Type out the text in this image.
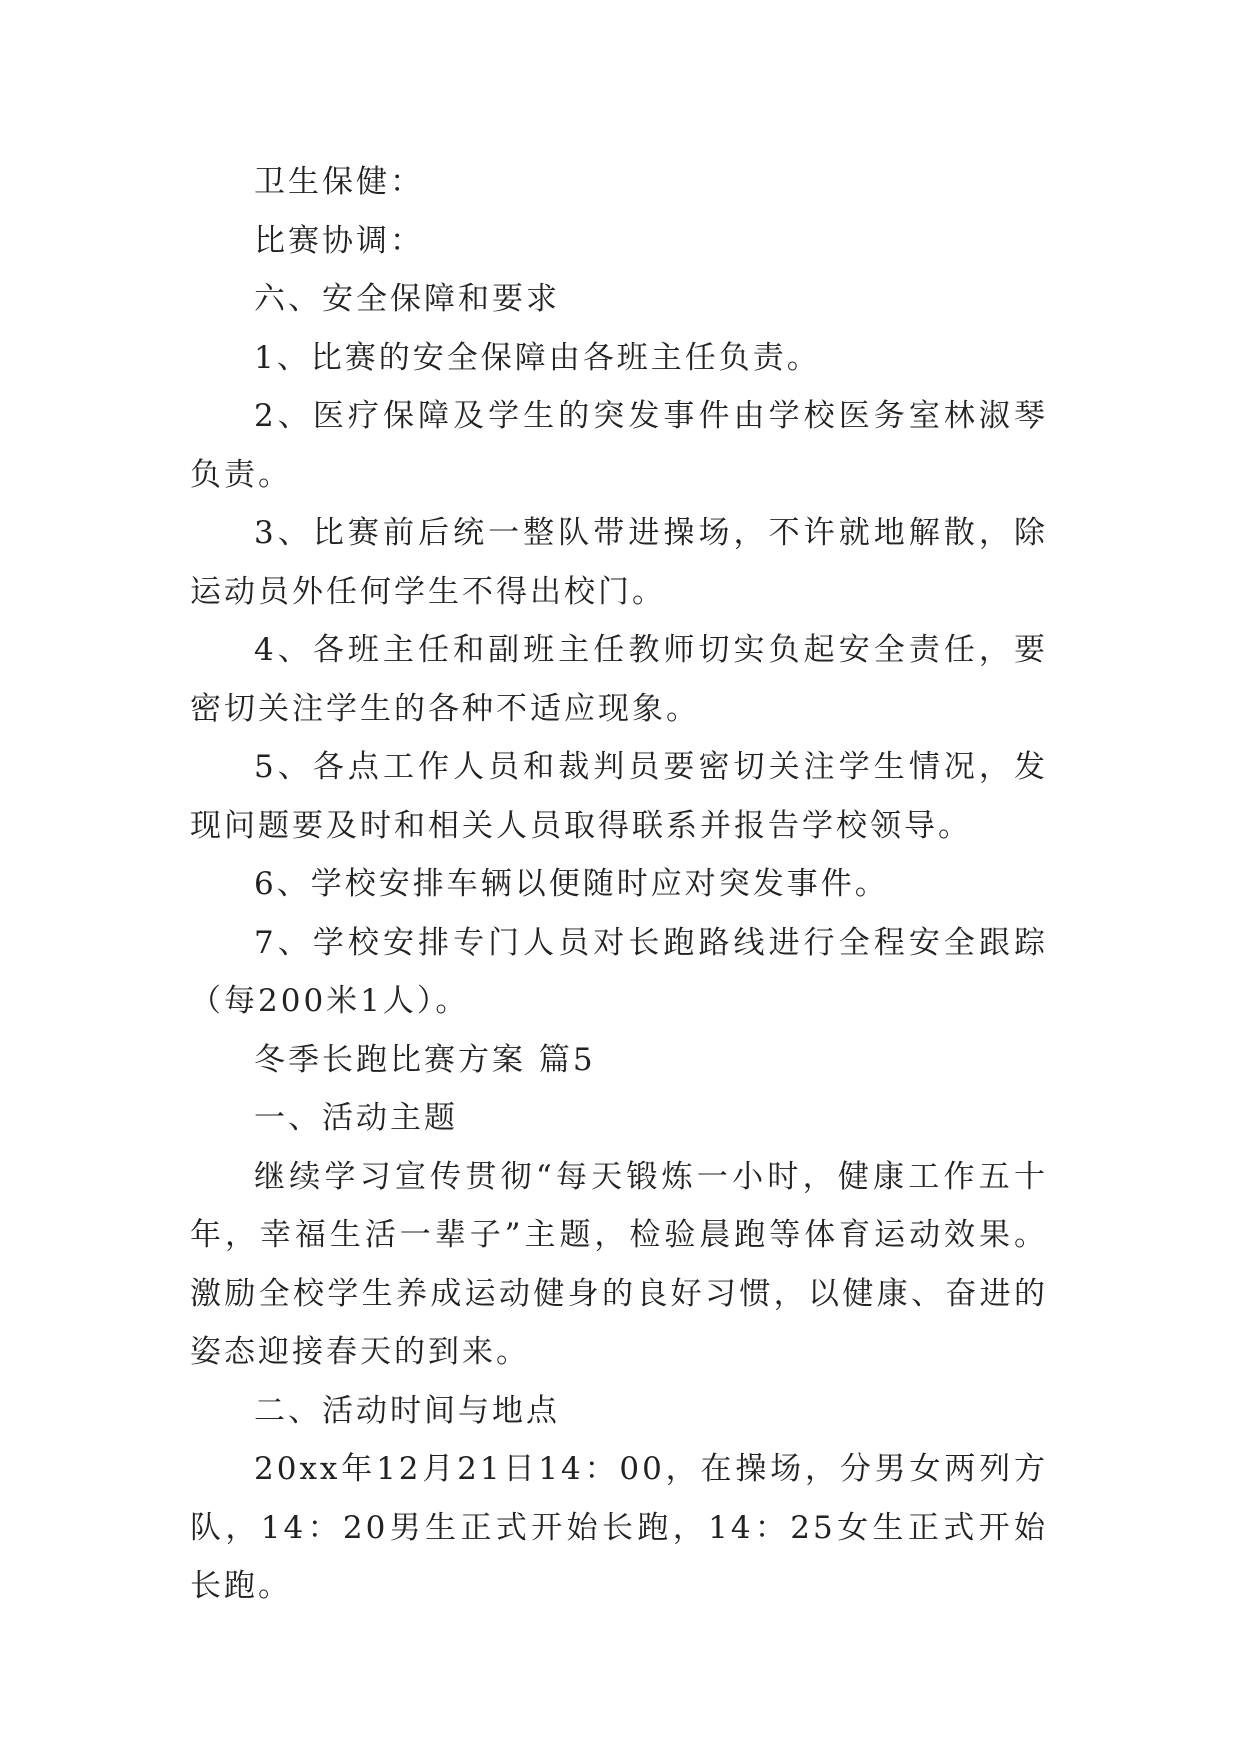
卫生保健：

比赛协调：

六、安全保障和要求

1、比赛的安全保障由各班主任负责。

2、医疗保障及学生的突发事件由学校医务室林淑琴负责。

3、比赛前后统一整队带进操场，不许就地解散，除运动员外任何学生不得出校门。

4、各班主任和副班主任教师切实负起安全责任，要密切关注学生的各种不适应现象。

5、各点工作人员和裁判员要密切关注学生情况，发现问题要及时和相关人员取得联系并报告学校领导。

6、学校安排车辆以便随时应对突发事件。

7、学校安排专门人员对长跑路线进行全程安全跟踪（每200米1人）。

冬季长跑比赛方案 篇5

一、活动主题

继续学习宣传贯彻“每天锻炼一小时，健康工作五十年，幸福生活一辈子”主题，检验晨跑等体育运动效果。激励全校学生养成运动健身的良好习惯，以健康、奋进的姿态迎接春天的到来。

二、活动时间与地点

20xx年12月21日14：00，在操场，分男女两列方队，14：20男生正式开始长跑，14：25女生正式开始长跑。
